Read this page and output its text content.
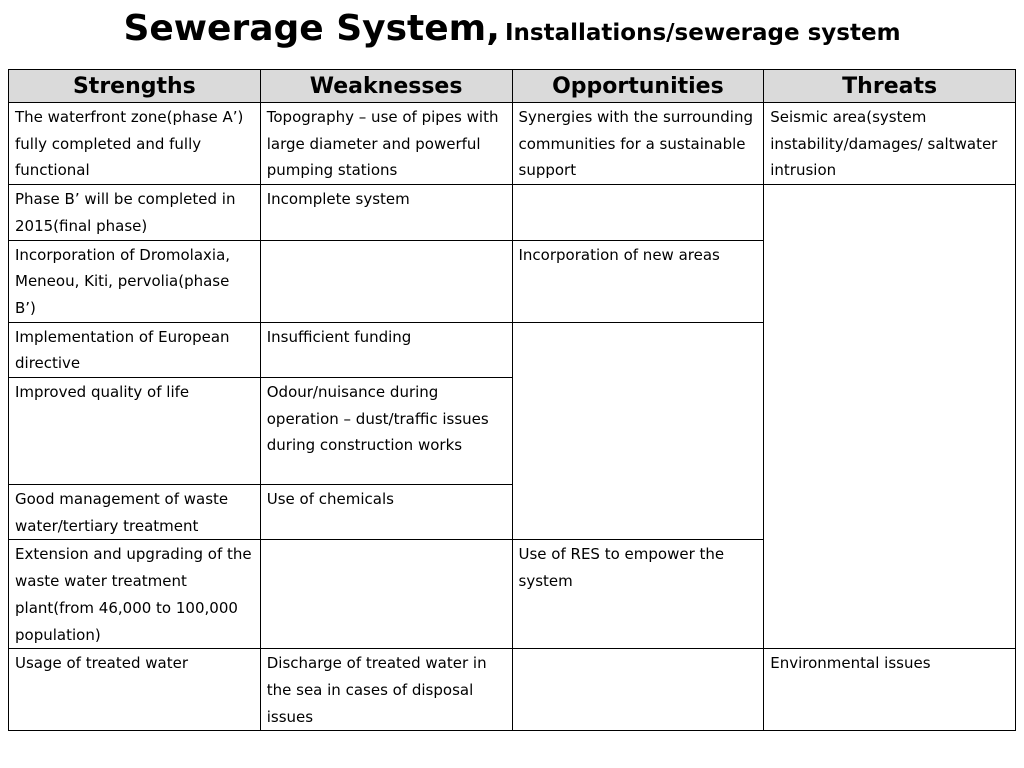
Sewerage System, Installations/sewerage system
Strengths	Weaknesses	Opportunities	Threats
The waterfront zone(phase A’) fully completed and fully functional	Topography – use of pipes with large diameter and powerful pumping stations	Synergies with the surrounding communities for a sustainable support	Seismic area(system instability/damages/ saltwater intrusion
Phase B’ will be completed in 2015(final phase)	Incomplete system		
Incorporation of Dromolaxia, Meneou, Kiti, pervolia(phase B’)		Incorporation of new areas	
Implementation of European directive	Insufficient funding		
Improved quality of life	Odour/nuisance during operation – dust/traffic issues during construction works		
Good management of waste water/tertiary treatment	Use of chemicals		
Extension and upgrading of the waste water treatment plant(from 46,000 to 100,000 population)		Use of RES to empower the system	
Usage of treated water	Discharge of treated water in the sea in cases of disposal issues		Environmental issues
